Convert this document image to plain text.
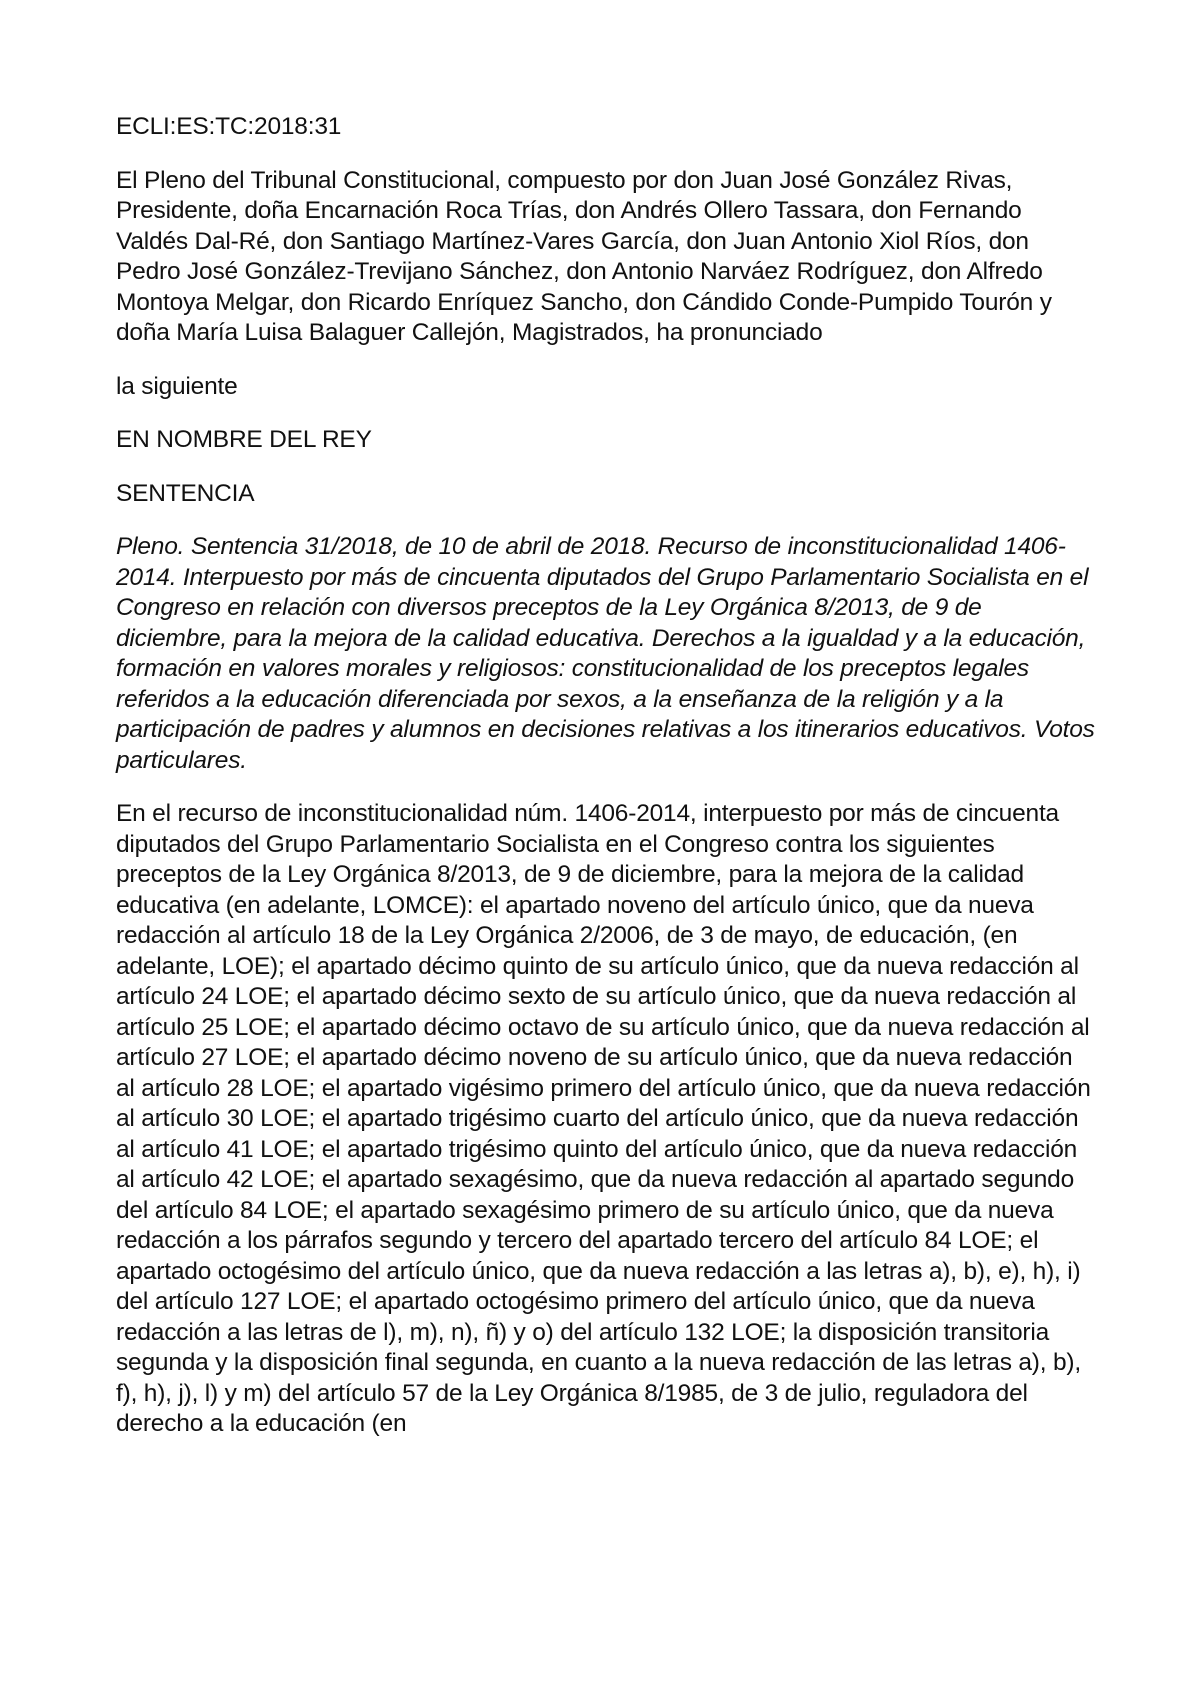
ECLI:ES:TC:2018:31

El Pleno del Tribunal Constitucional, compuesto por don Juan José González Rivas, Presidente, doña Encarnación Roca Trías, don Andrés Ollero Tassara, don Fernando Valdés Dal-Ré, don Santiago Martínez-Vares García, don Juan Antonio Xiol Ríos, don Pedro José González-Trevijano Sánchez, don Antonio Narváez Rodríguez, don Alfredo Montoya Melgar, don Ricardo Enríquez Sancho, don Cándido Conde-Pumpido Tourón y doña María Luisa Balaguer Callejón, Magistrados, ha pronunciado

la siguiente

EN NOMBRE DEL REY

SENTENCIA

Pleno. Sentencia 31/2018, de 10 de abril de 2018. Recurso de inconstitucionalidad 1406-2014. Interpuesto por más de cincuenta diputados del Grupo Parlamentario Socialista en el Congreso en relación con diversos preceptos de la Ley Orgánica 8/2013, de 9 de diciembre, para la mejora de la calidad educativa. Derechos a la igualdad y a la educación, formación en valores morales y religiosos: constitucionalidad de los preceptos legales referidos a la educación diferenciada por sexos, a la enseñanza de la religión y a la participación de padres y alumnos en decisiones relativas a los itinerarios educativos. Votos particulares.

En el recurso de inconstitucionalidad núm. 1406-2014, interpuesto por más de cincuenta diputados del Grupo Parlamentario Socialista en el Congreso contra los siguientes preceptos de la Ley Orgánica 8/2013, de 9 de diciembre, para la mejora de la calidad educativa (en adelante, LOMCE): el apartado noveno del artículo único, que da nueva redacción al artículo 18 de la Ley Orgánica 2/2006, de 3 de mayo, de educación, (en adelante, LOE); el apartado décimo quinto de su artículo único, que da nueva redacción al artículo 24 LOE; el apartado décimo sexto de su artículo único, que da nueva redacción al artículo 25 LOE; el apartado décimo octavo de su artículo único, que da nueva redacción al artículo 27 LOE; el apartado décimo noveno de su artículo único, que da nueva redacción al artículo 28 LOE; el apartado vigésimo primero del artículo único, que da nueva redacción al artículo 30 LOE; el apartado trigésimo cuarto del artículo único, que da nueva redacción al artículo 41 LOE; el apartado trigésimo quinto del artículo único, que da nueva redacción al artículo 42 LOE; el apartado sexagésimo, que da nueva redacción al apartado segundo del artículo 84 LOE; el apartado sexagésimo primero de su artículo único, que da nueva redacción a los párrafos segundo y tercero del apartado tercero del artículo 84 LOE; el apartado octogésimo del artículo único, que da nueva redacción a las letras a), b), e), h), i) del artículo 127 LOE; el apartado octogésimo primero del artículo único, que da nueva redacción a las letras de l), m), n), ñ) y o) del artículo 132 LOE; la disposición transitoria segunda y la disposición final segunda, en cuanto a la nueva redacción de las letras a), b), f), h), j), l) y m) del artículo 57 de la Ley Orgánica 8/1985, de 3 de julio, reguladora del derecho a la educación (en
